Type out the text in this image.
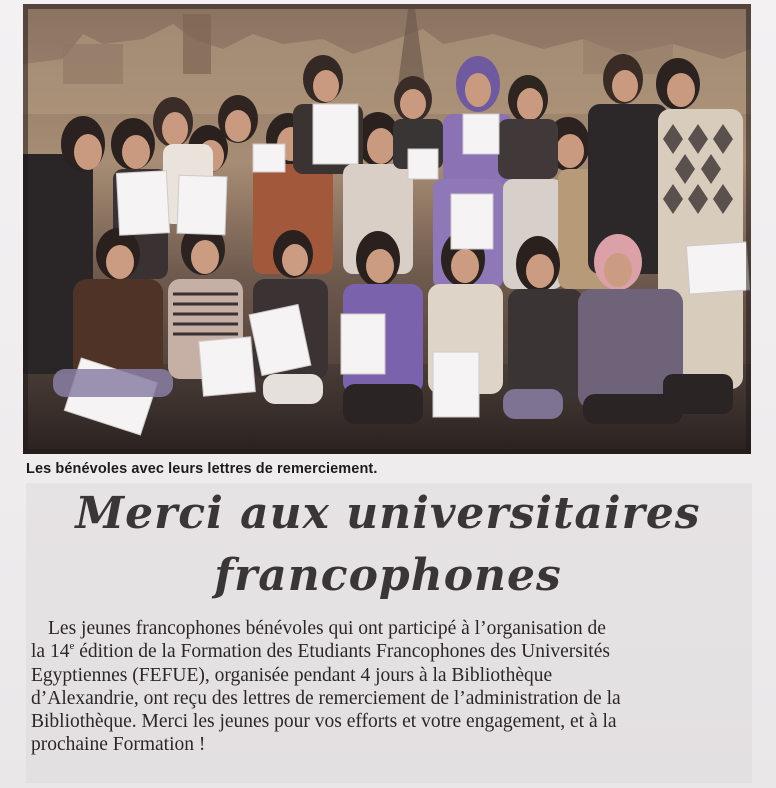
Les bénévoles avec leurs lettres de remerciement.
Merci aux universitaires
francophones
Les jeunes francophones bénévoles qui ont participé à l’organisation de
la 14e édition de la Formation des Etudiants Francophones des Universités
Egyptiennes (FEFUE), organisée pendant 4 jours à la Bibliothèque
d’Alexandrie, ont reçu des lettres de remerciement de l’administration de la
Bibliothèque. Merci les jeunes pour vos efforts et votre engagement, et à la
prochaine Formation !
